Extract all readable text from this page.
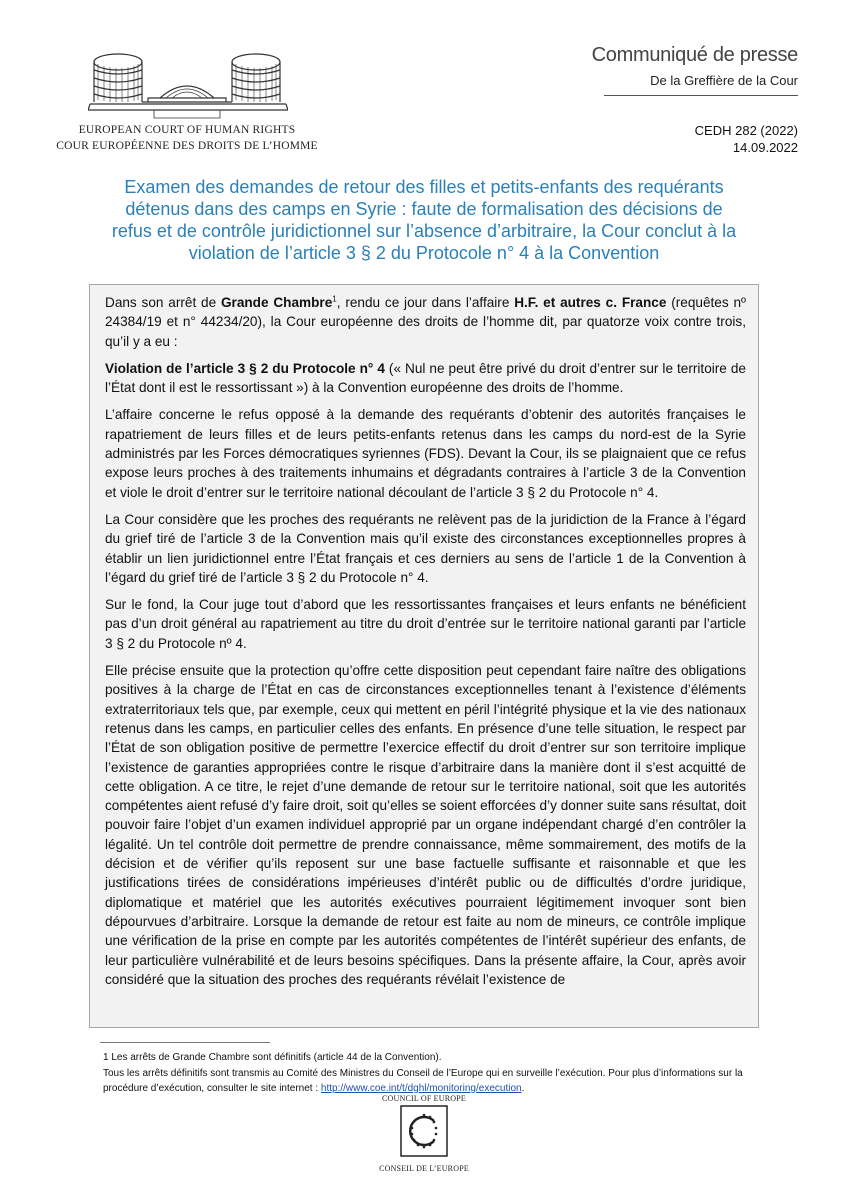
EUROPEAN COURT OF HUMAN RIGHTS
COUR EUROPÉENNE DES DROITS DE L’HOMME
Communiqué de presse
De la Greffière de la Cour
CEDH 282 (2022)
14.09.2022
Examen des demandes de retour des filles et petits-enfants des requérants
détenus dans des camps en Syrie : faute de formalisation des décisions de
refus et de contrôle juridictionnel sur l’absence d’arbitraire, la Cour conclut à la
violation de l’article 3 § 2 du Protocole n° 4 à la Convention

Dans son arrêt de Grande Chambre$^1$, rendu ce jour dans l’affaire H.F. et autres c. France (requêtes nº 24384/19 et n° 44234/20), la Cour européenne des droits de l’homme dit, par quatorze voix contre trois, qu’il y a eu :

Violation de l’article 3 § 2 du Protocole n° 4 (« Nul ne peut être privé du droit d’entrer sur le territoire de l’État dont il est le ressortissant ») à la Convention européenne des droits de l’homme.

L’affaire concerne le refus opposé à la demande des requérants d’obtenir des autorités françaises le rapatriement de leurs filles et de leurs petits-enfants retenus dans les camps du nord-est de la Syrie administrés par les Forces démocratiques syriennes (FDS). Devant la Cour, ils se plaignaient que ce refus expose leurs proches à des traitements inhumains et dégradants contraires à l’article 3 de la Convention et viole le droit d’entrer sur le territoire national découlant de l’article 3 § 2 du Protocole n° 4.

La Cour considère que les proches des requérants ne relèvent pas de la juridiction de la France à l’égard du grief tiré de l’article 3 de la Convention mais qu’il existe des circonstances exceptionnelles propres à établir un lien juridictionnel entre l’État français et ces derniers au sens de l’article 1 de la Convention à l’égard du grief tiré de l’article 3 § 2 du Protocole n° 4.

Sur le fond, la Cour juge tout d’abord que les ressortissantes françaises et leurs enfants ne bénéficient pas d’un droit général au rapatriement au titre du droit d’entrée sur le territoire national garanti par l’article 3 § 2 du Protocole nº 4.

Elle précise ensuite que la protection qu’offre cette disposition peut cependant faire naître des obligations positives à la charge de l’État en cas de circonstances exceptionnelles tenant à l’existence d’éléments extraterritoriaux tels que, par exemple, ceux qui mettent en péril l’intégrité physique et la vie des nationaux retenus dans les camps, en particulier celles des enfants. En présence d’une telle situation, le respect par l’État de son obligation positive de permettre l’exercice effectif du droit d’entrer sur son territoire implique l’existence de garanties appropriées contre le risque d’arbitraire dans la manière dont il s’est acquitté de cette obligation. A ce titre, le rejet d’une demande de retour sur le territoire national, soit que les autorités compétentes aient refusé d’y faire droit, soit qu’elles se soient efforcées d’y donner suite sans résultat, doit pouvoir faire l’objet d’un examen individuel approprié par un organe indépendant chargé d’en contrôler la légalité. Un tel contrôle doit permettre de prendre connaissance, même sommairement, des motifs de la décision et de vérifier qu’ils reposent sur une base factuelle suffisante et raisonnable et que les justifications tirées de considérations impérieuses d’intérêt public ou de difficultés d’ordre juridique, diplomatique et matériel que les autorités exécutives pourraient légitimement invoquer sont bien dépourvues d’arbitraire. Lorsque la demande de retour est faite au nom de mineurs, ce contrôle implique une vérification de la prise en compte par les autorités compétentes de l’intérêt supérieur des enfants, de leur particulière vulnérabilité et de leurs besoins spécifiques. Dans la présente affaire, la Cour, après avoir considéré que la situation des proches des requérants révélait l’existence de

1 Les arrêts de Grande Chambre sont définitifs (article 44 de la Convention).
Tous les arrêts définitifs sont transmis au Comité des Ministres du Conseil de l’Europe qui en surveille l’exécution. Pour plus d’informations sur la procédure d’exécution, consulter le site internet : http://www.coe.int/t/dghl/monitoring/execution.
COUNCIL OF EUROPE
CONSEIL DE L’EUROPE
